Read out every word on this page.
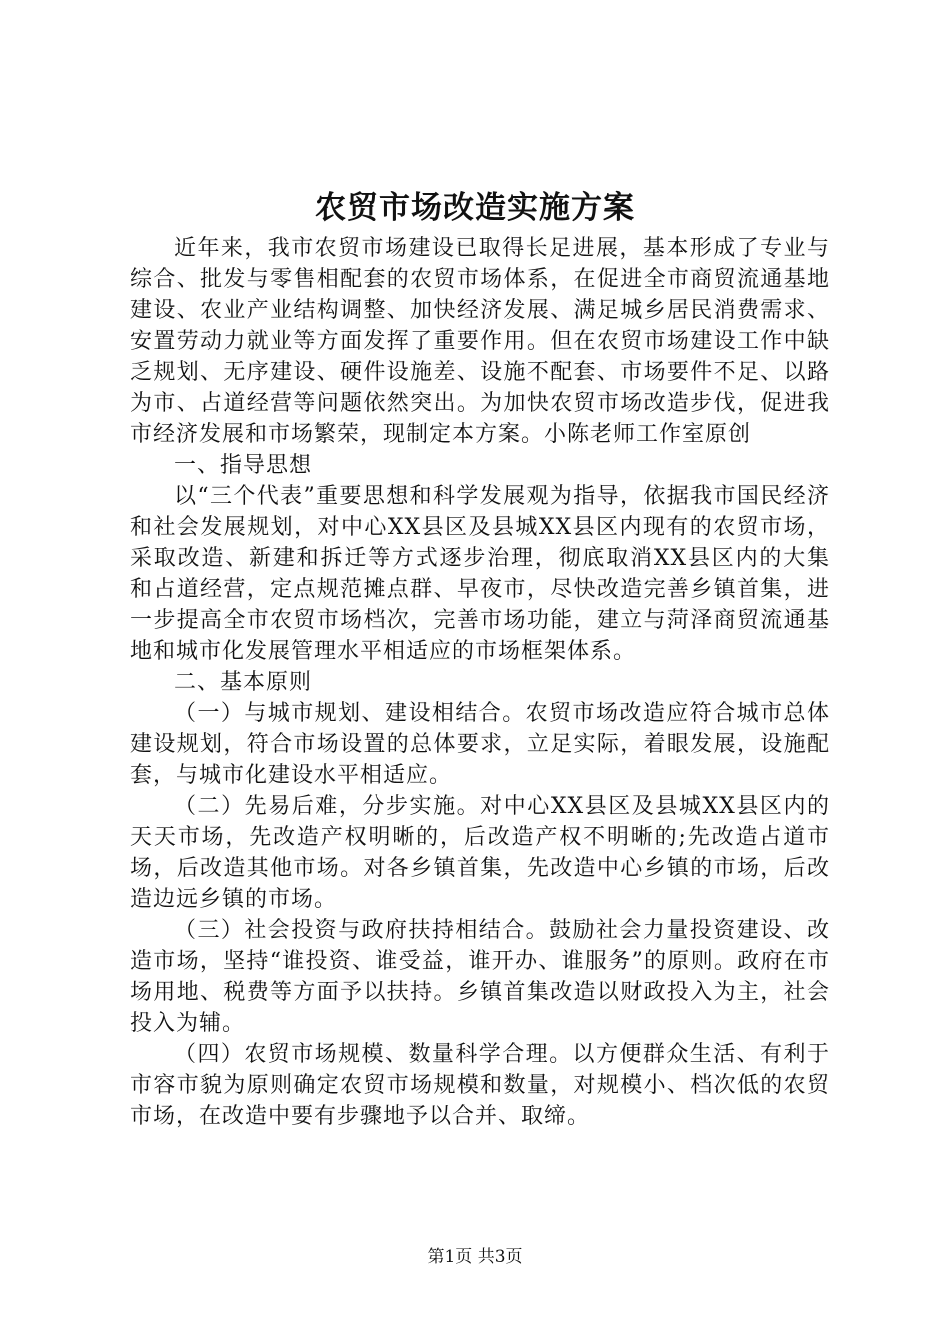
农贸市场改造实施方案

近年来，我市农贸市场建设已取得长足进展，基本形成了专业与综合、批发与零售相配套的农贸市场体系，在促进全市商贸流通基地建设、农业产业结构调整、加快经济发展、满足城乡居民消费需求、安置劳动力就业等方面发挥了重要作用。但在农贸市场建设工作中缺乏规划、无序建设、硬件设施差、设施不配套、市场要件不足、以路为市、占道经营等问题依然突出。为加快农贸市场改造步伐，促进我市经济发展和市场繁荣，现制定本方案。小陈老师工作室原创

一、指导思想

以“三个代表”重要思想和科学发展观为指导，依据我市国民经济和社会发展规划，对中心XX县区及县城XX县区内现有的农贸市场，采取改造、新建和拆迁等方式逐步治理，彻底取消XX县区内的大集和占道经营，定点规范摊点群、早夜市，尽快改造完善乡镇首集，进一步提高全市农贸市场档次，完善市场功能，建立与菏泽商贸流通基地和城市化发展管理水平相适应的市场框架体系。

二、基本原则

（一）与城市规划、建设相结合。农贸市场改造应符合城市总体建设规划，符合市场设置的总体要求，立足实际，着眼发展，设施配套，与城市化建设水平相适应。

（二）先易后难，分步实施。对中心XX县区及县城XX县区内的天天市场，先改造产权明晰的，后改造产权不明晰的;先改造占道市场，后改造其他市场。对各乡镇首集，先改造中心乡镇的市场，后改造边远乡镇的市场。

（三）社会投资与政府扶持相结合。鼓励社会力量投资建设、改造市场，坚持“谁投资、谁受益，谁开办、谁服务”的原则。政府在市场用地、税费等方面予以扶持。乡镇首集改造以财政投入为主，社会投入为辅。

（四）农贸市场规模、数量科学合理。以方便群众生活、有利于市容市貌为原则确定农贸市场规模和数量，对规模小、档次低的农贸市场，在改造中要有步骤地予以合并、取缔。

第1页 共3页
